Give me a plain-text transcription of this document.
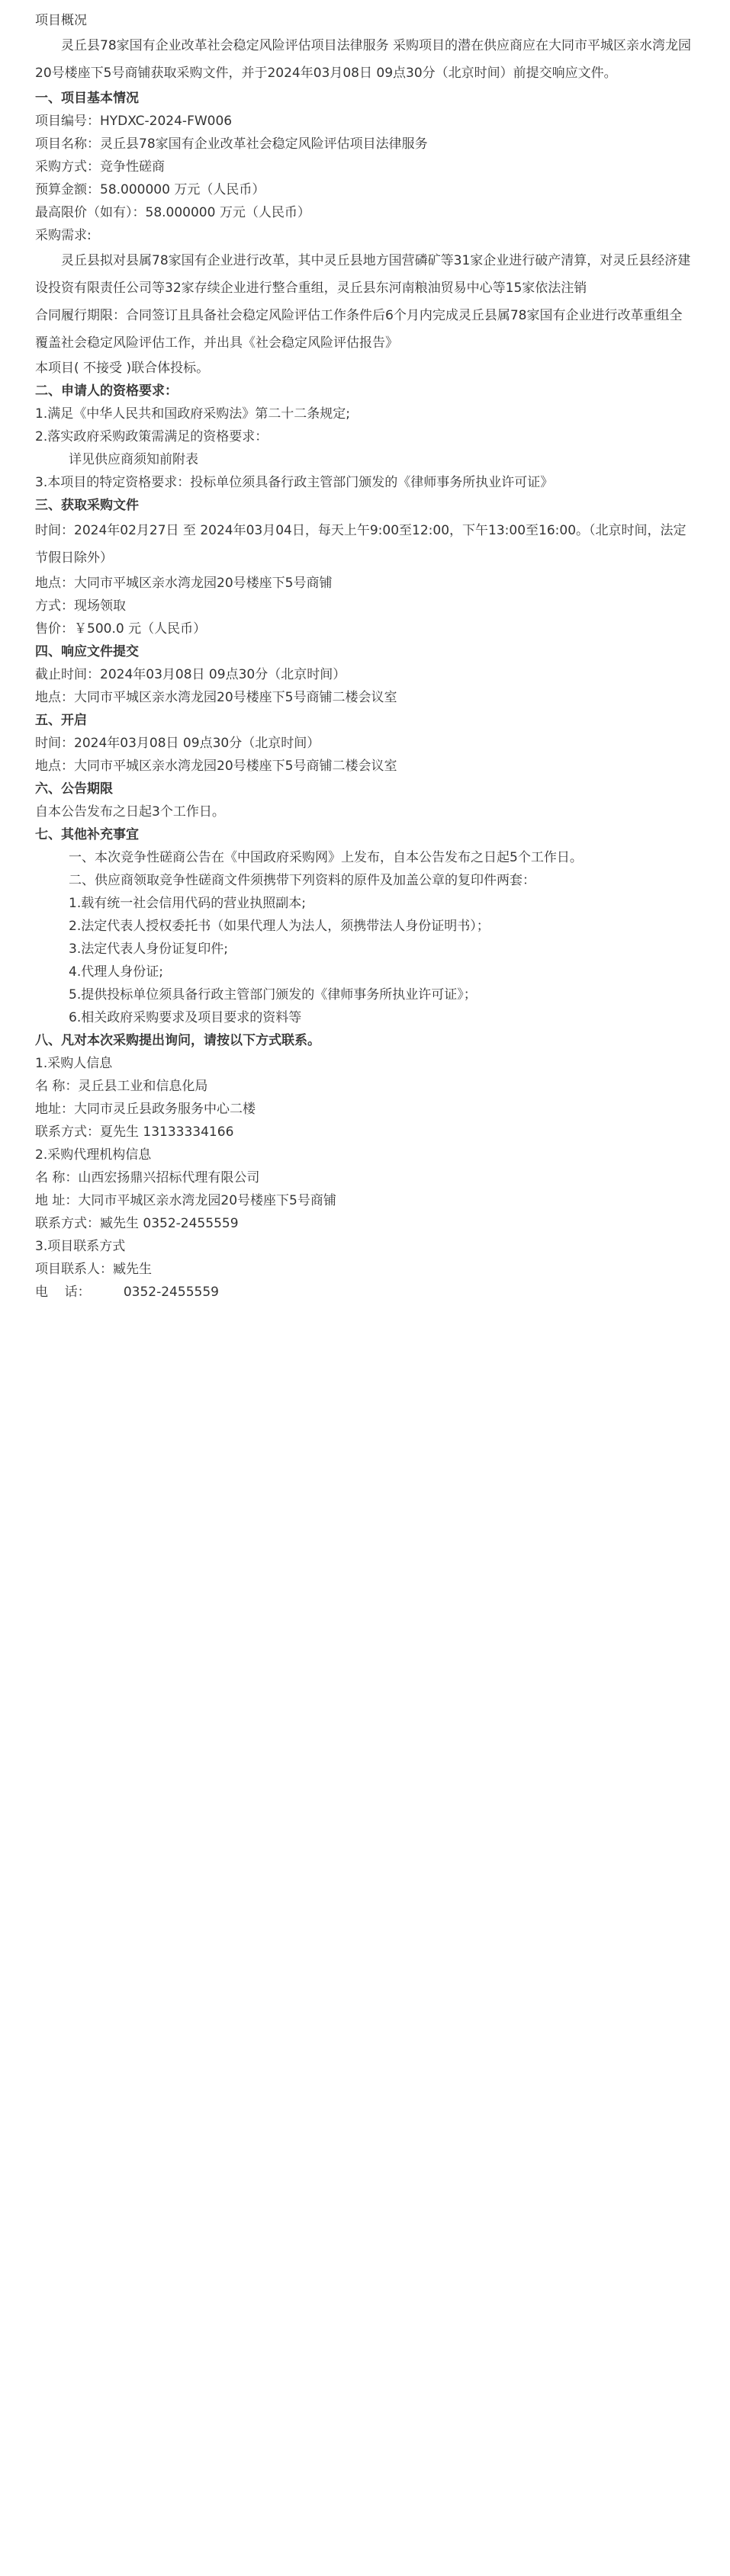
项目概况

灵丘县78家国有企业改革社会稳定风险评估项目法律服务 采购项目的潜在供应商应在大同市平城区亲水湾龙园20号楼座下5号商铺获取采购文件，并于2024年03月08日 09点30分（北京时间）前提交响应文件。

一、项目基本情况

项目编号：HYDXC-2024-FW006

项目名称：灵丘县78家国有企业改革社会稳定风险评估项目法律服务

采购方式：竞争性磋商

预算金额：58.000000 万元（人民币）

最高限价（如有）：58.000000 万元（人民币）

采购需求:

灵丘县拟对县属78家国有企业进行改革，其中灵丘县地方国营磷矿等31家企业进行破产清算，对灵丘县经济建设投资有限责任公司等32家存续企业进行整合重组，灵丘县东河南粮油贸易中心等15家依法注销

合同履行期限：合同签订且具备社会稳定风险评估工作条件后6个月内完成灵丘县属78家国有企业进行改革重组全覆盖社会稳定风险评估工作，并出具《社会稳定风险评估报告》

本项目( 不接受 )联合体投标。

二、申请人的资格要求：

1.满足《中华人民共和国政府采购法》第二十二条规定;

2.落实政府采购政策需满足的资格要求：

详见供应商须知前附表

3.本项目的特定资格要求：投标单位须具备行政主管部门颁发的《律师事务所执业许可证》

三、获取采购文件

时间：2024年02月27日 至 2024年03月04日，每天上午9:00至12:00，下午13:00至16:00。（北京时间，法定节假日除外）

地点：大同市平城区亲水湾龙园20号楼座下5号商铺

方式：现场领取

售价：￥500.0 元（人民币）

四、响应文件提交

截止时间：2024年03月08日 09点30分（北京时间）

地点：大同市平城区亲水湾龙园20号楼座下5号商铺二楼会议室

五、开启

时间：2024年03月08日 09点30分（北京时间）

地点：大同市平城区亲水湾龙园20号楼座下5号商铺二楼会议室

六、公告期限

自本公告发布之日起3个工作日。

七、其他补充事宜

一、本次竞争性磋商公告在《中国政府采购网》上发布，自本公告发布之日起5个工作日。

二、供应商领取竞争性磋商文件须携带下列资料的原件及加盖公章的复印件两套：

1.载有统一社会信用代码的营业执照副本;

2.法定代表人授权委托书（如果代理人为法人，须携带法人身份证明书）；

3.法定代表人身份证复印件;

4.代理人身份证;

5.提供投标单位须具备行政主管部门颁发的《律师事务所执业许可证》；

6.相关政府采购要求及项目要求的资料等

八、凡对本次采购提出询问，请按以下方式联系。

1.采购人信息

名 称：灵丘县工业和信息化局

地址：大同市灵丘县政务服务中心二楼

联系方式：夏先生 13133334166

2.采购代理机构信息

名 称：山西宏扬鼎兴招标代理有限公司

地 址：大同市平城区亲水湾龙园20号楼座下5号商铺

联系方式：臧先生 0352-2455559

3.项目联系方式

项目联系人：臧先生

电    话：        0352-2455559
